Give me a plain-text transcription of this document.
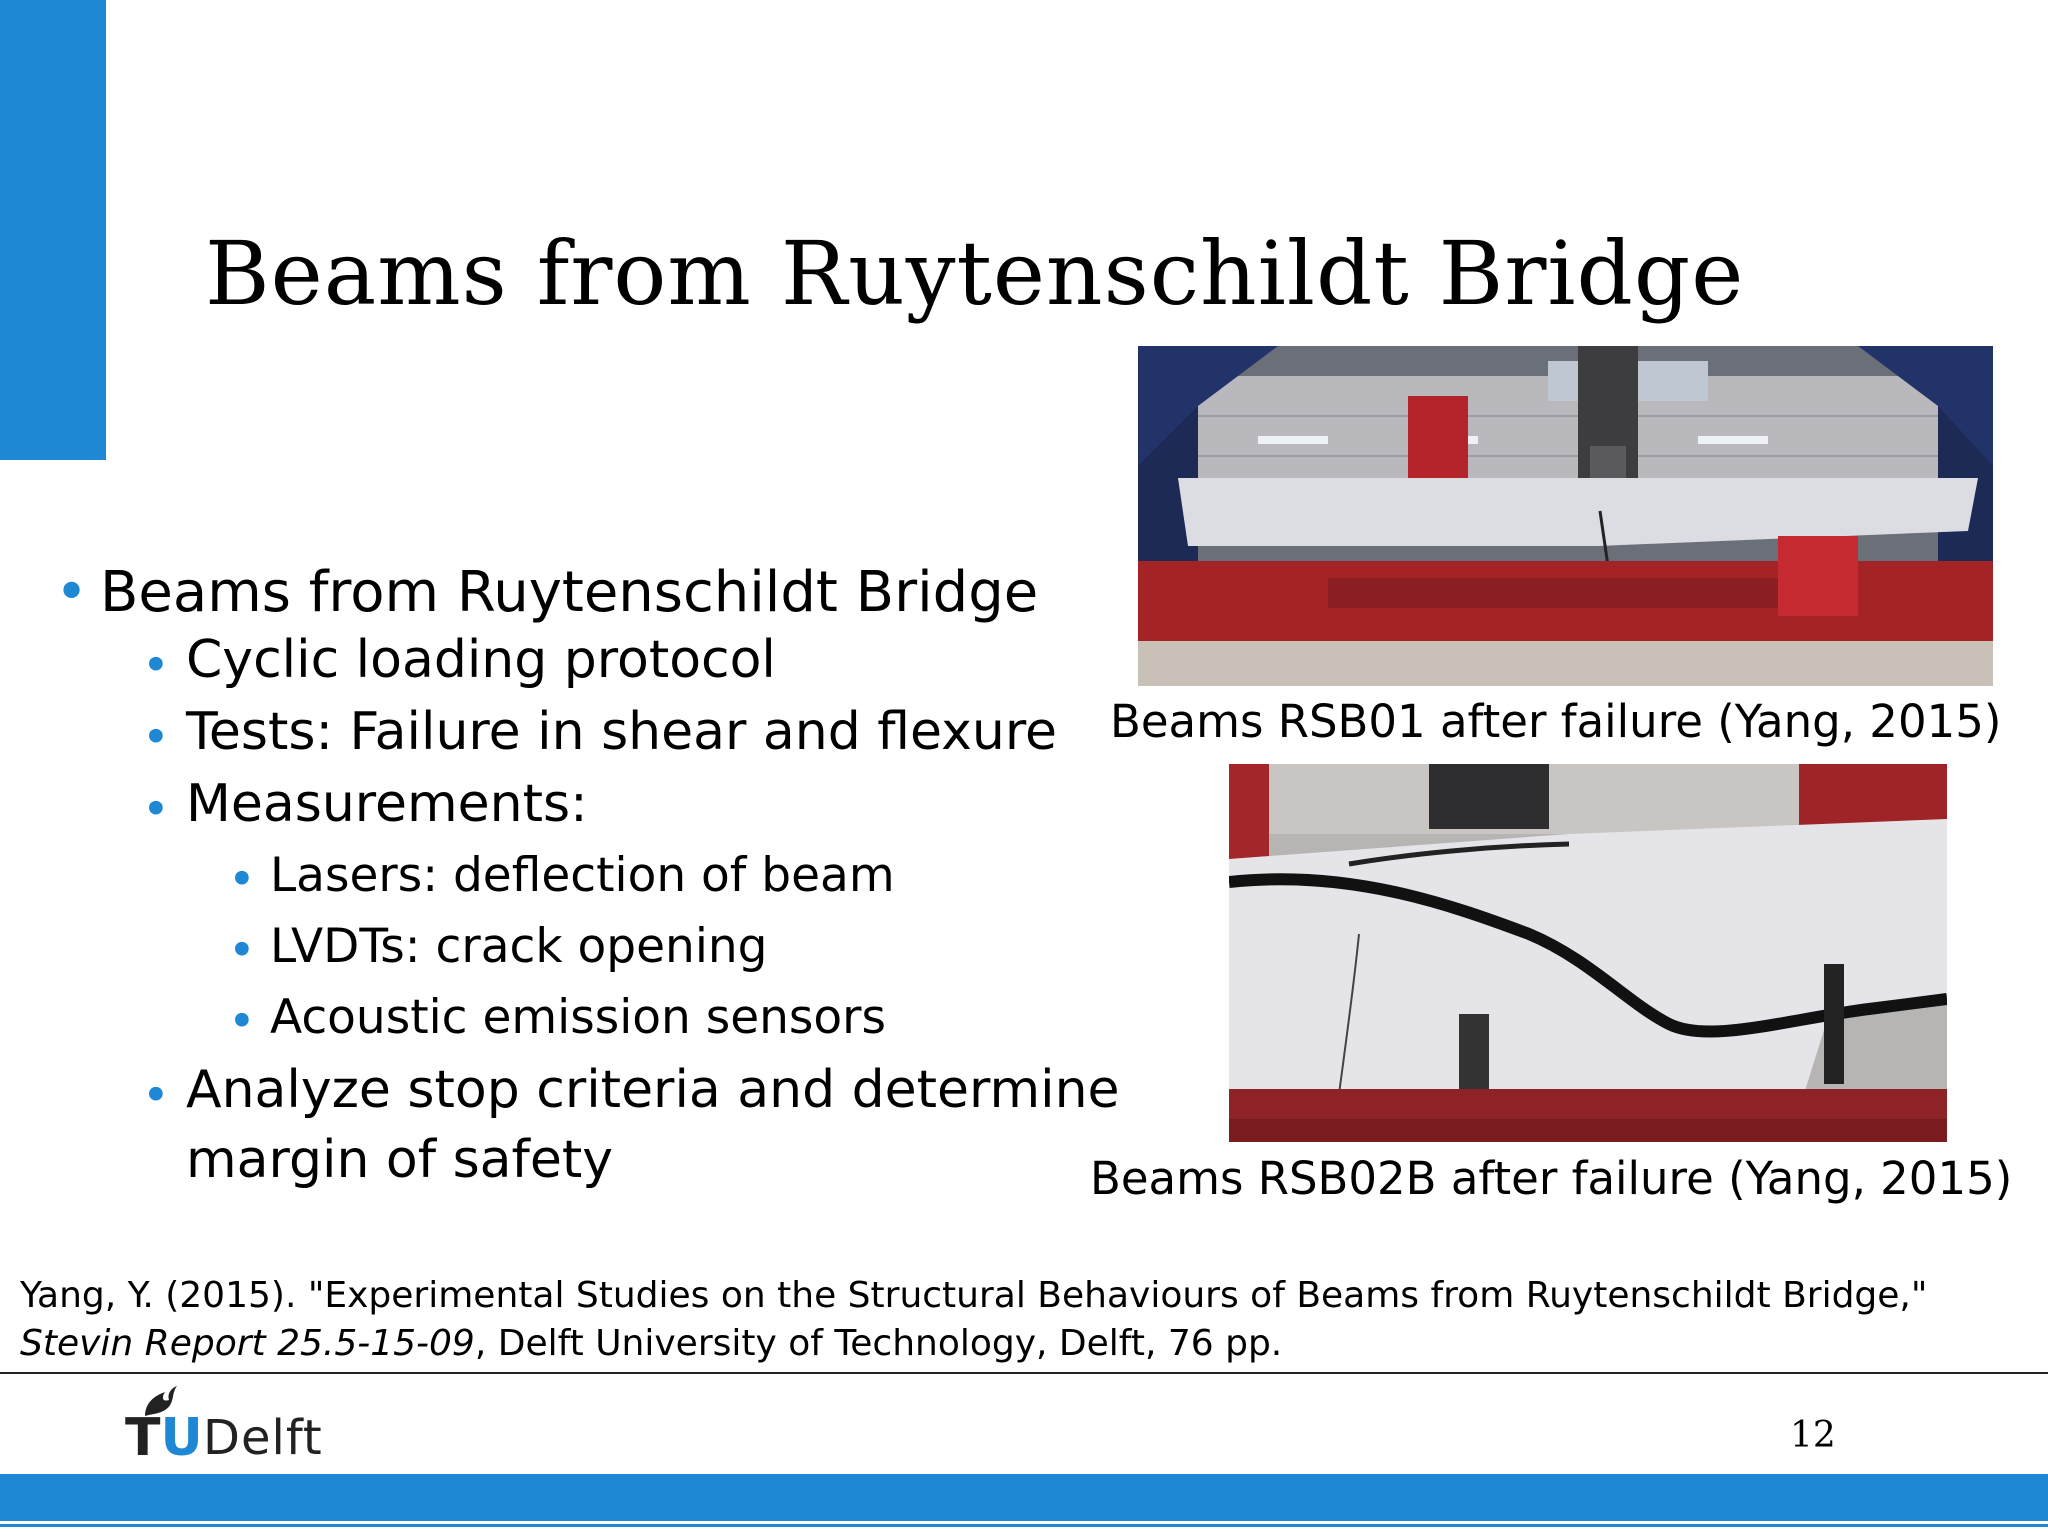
Beams from Ruytenschildt Bridge
• Beams from Ruytenschildt Bridge
• Cyclic loading protocol
• Tests: Failure in shear and flexure
• Measurements:
• Lasers: deflection of beam
• LVDTs: crack opening
• Acoustic emission sensors
• Analyze stop criteria and determine
margin of safety
Beams RSB01 after failure (Yang, 2015)
Beams RSB02B after failure (Yang, 2015)
Yang, Y. (2015). "Experimental Studies on the Structural Behaviours of Beams from Ruytenschildt Bridge,"
Stevin Report 25.5-15-09, Delft University of Technology, Delft, 76 pp.
TU Delft	12
